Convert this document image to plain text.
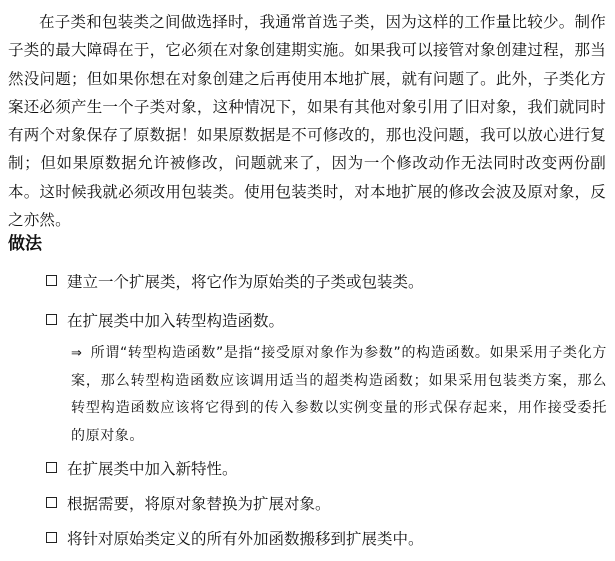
在子类和包装类之间做选择时，我通常首选子类，因为这样的工作量比较少。制作子类的最大障碍在于，它必须在对象创建期实施。如果我可以接管对象创建过程，那当然没问题；但如果你想在对象创建之后再使用本地扩展，就有问题了。此外，子类化方案还必须产生一个子类对象，这种情况下，如果有其他对象引用了旧对象，我们就同时有两个对象保存了原数据！如果原数据是不可修改的，那也没问题，我可以放心进行复制；但如果原数据允许被修改，问题就来了，因为一个修改动作无法同时改变两份副本。这时候我就必须改用包装类。使用包装类时，对本地扩展的修改会波及原对象，反之亦然。

做法
建立一个扩展类，将它作为原始类的子类或包装类。
在扩展类中加入转型构造函数。
在扩展类中加入新特性。
根据需要，将原对象替换为扩展对象。
将针对原始类定义的所有外加函数搬移到扩展类中。

⇒ 所谓“转型构造函数”是指“接受原对象作为参数”的构造函数。如果采用子类化方案，那么转型构造函数应该调用适当的超类构造函数；如果采用包装类方案，那么转型构造函数应该将它得到的传入参数以实例变量的形式保存起来，用作接受委托的原对象。
